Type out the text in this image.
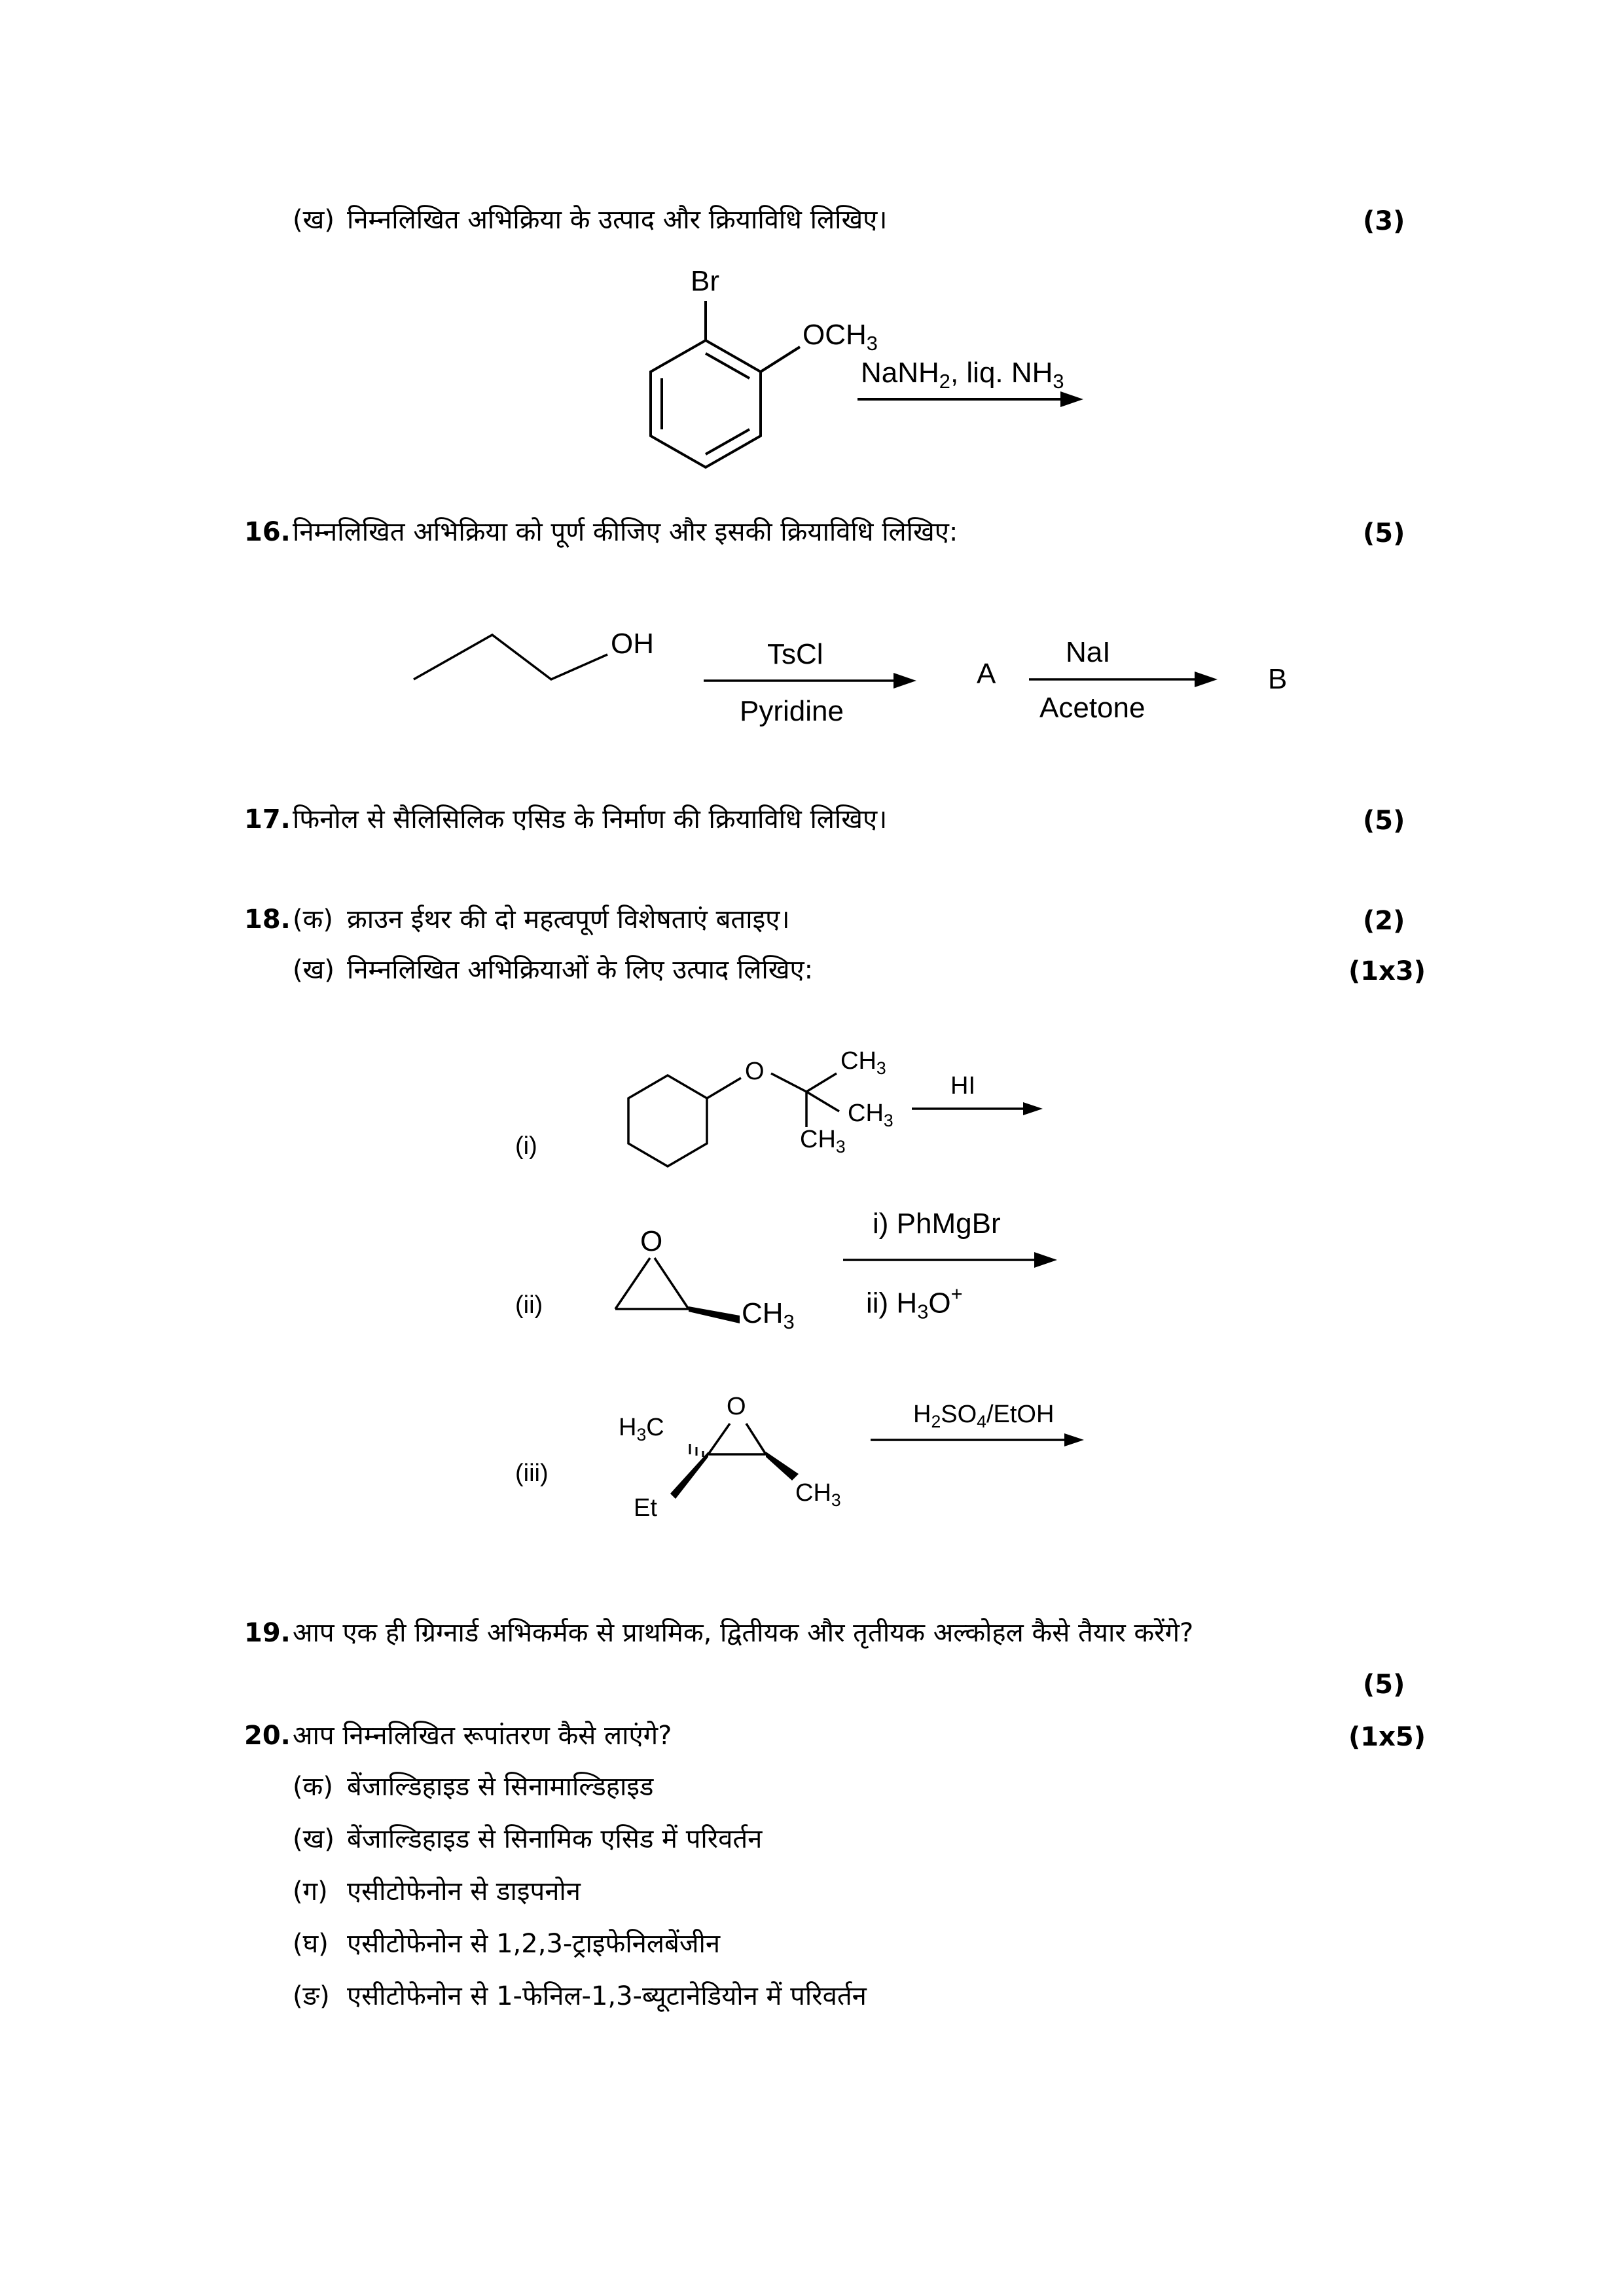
(ख) निम्नलिखित अभिक्रिया के उत्पाद और क्रियाविधि लिखिए।	(3)
Br
$OCH_3$
NaNH$_2$, liq. $NH_3$
16. निम्नलिखित अभिक्रिया को पूर्ण कीजिए और इसकी क्रियाविधि लिखिए:	(5)
OH	TsCl
Pyridine
A
NaI
Acetone
B
17. फिनोल से सैलिसिलिक एसिड के निर्माण की क्रियाविधि लिखिए।	(5)
18. (क) क्राउन ईथर की दो महत्वपूर्ण विशेषताएं बताइए।	(2)
(ख) निम्नलिखित अभिक्रियाओं के लिए उत्पाद लिखिए:	(1x3)
(i)
O	$CH_3$
$CH_3$
$CH_3$
HI
(ii)
O
$CH_3$
i) PhMgBr
ii) $H_3O^+$
(iii)
O
$H_3C$
Et
$CH_3$
$H_2SO_4$/EtOH
19. आप एक ही ग्रिग्नार्ड अभिकर्मक से प्राथमिक, द्वितीयक और तृतीयक अल्कोहल कैसे तैयार करेंगे?
(5)
20. आप निम्नलिखित रूपांतरण कैसे लाएंगे?	(1x5)
(क) बेंजाल्डिहाइड से सिनामाल्डिहाइड
(ख) बेंजाल्डिहाइड से सिनामिक एसिड में परिवर्तन
(ग) एसीटोफेनोन से डाइपनोन
(घ) एसीटोफेनोन से 1,2,3-ट्राइफेनिलबेंजीन
(ङ) एसीटोफेनोन से 1-फेनिल-1,3-ब्यूटानेडियोन में परिवर्तन
